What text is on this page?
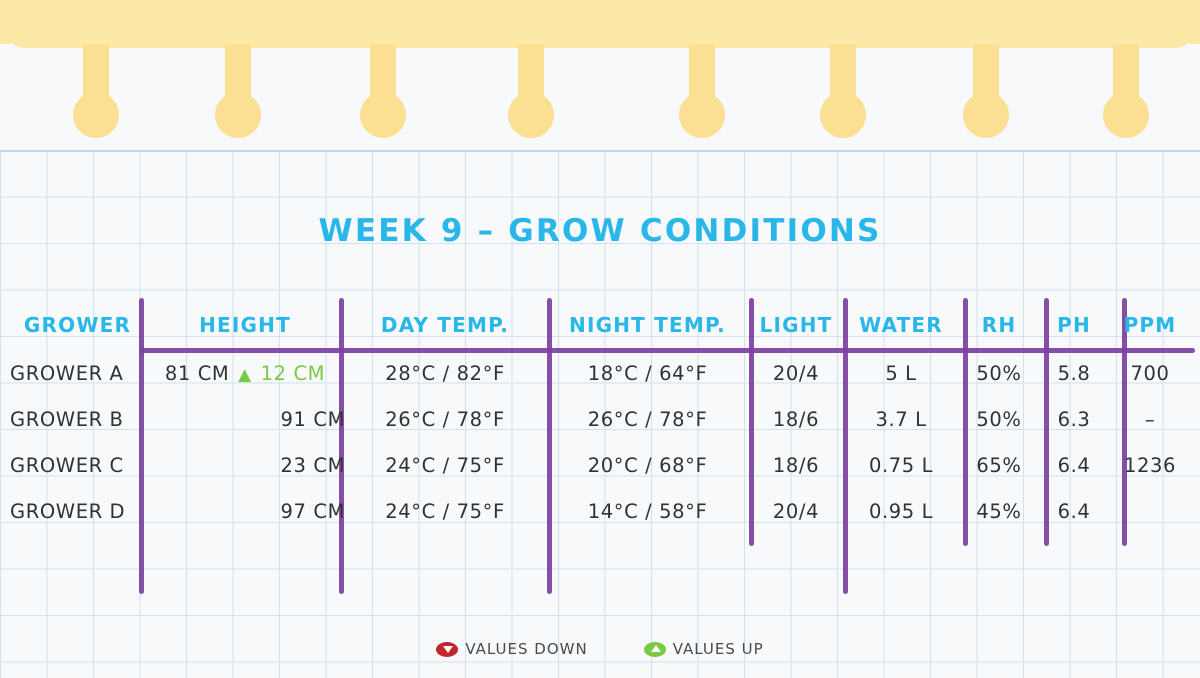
WEEK 9 – GROW CONDITIONS
GROWER	HEIGHT	DAY TEMP.	NIGHT TEMP.	LIGHT	WATER	RH	PH	PPM
GROWER A	81 CM ▲ 12 CM	28°C / 82°F	18°C / 64°F	20/4	5 L	50%	5.8	700
GROWER B	91 CM	26°C / 78°F	26°C / 78°F	18/6	3.7 L	50%	6.3	–
GROWER C	23 CM	24°C / 75°F	20°C / 68°F	18/6	0.75 L	65%	6.4	1236
GROWER D	97 CM	24°C / 75°F	14°C / 58°F	20/4	0.95 L	45%	6.4	
VALUES DOWN	VALUES UP
